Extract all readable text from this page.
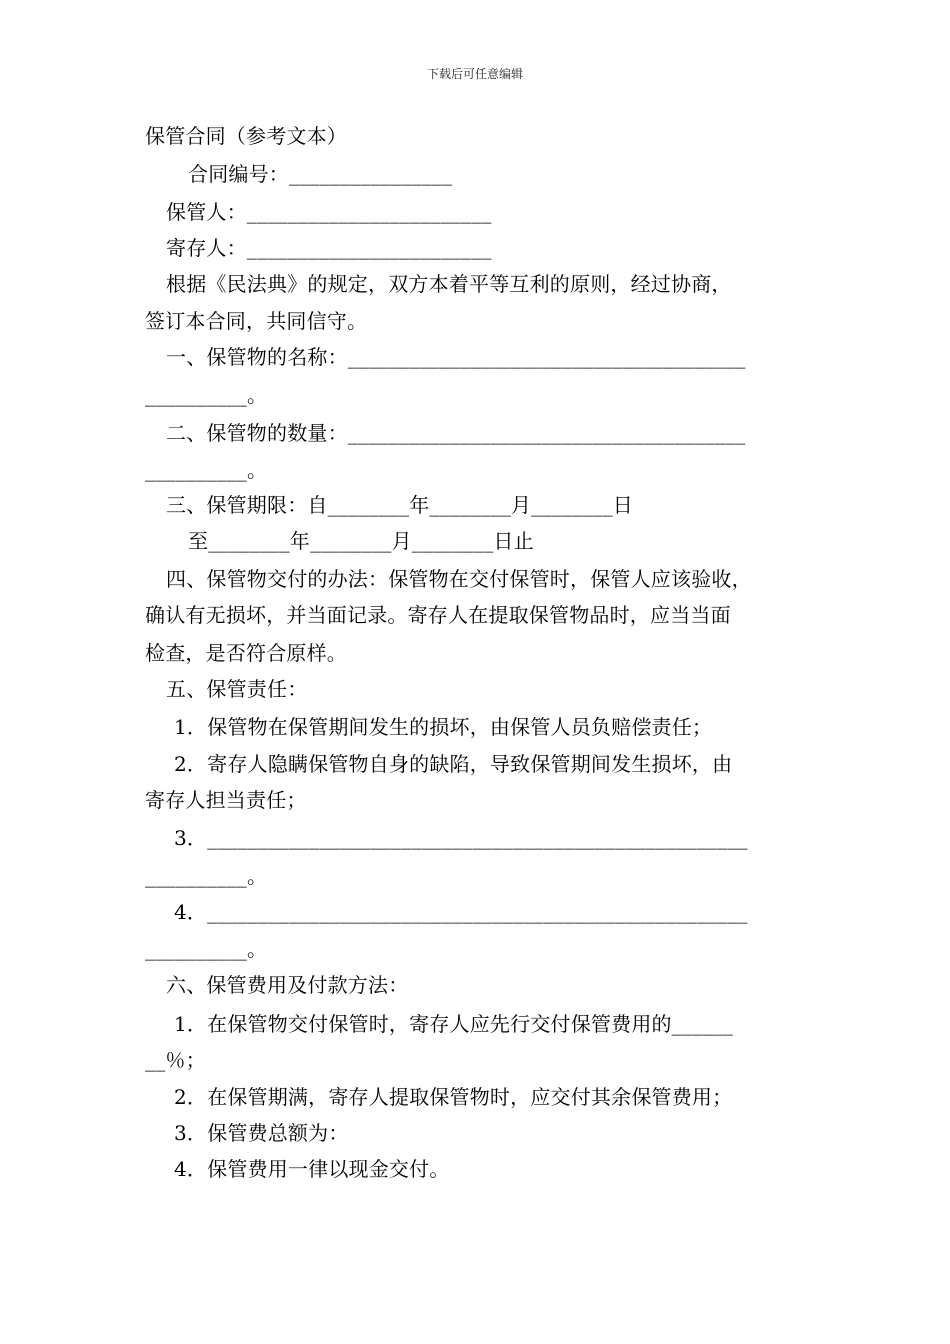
下载后可任意编辑
保管合同（参考文本）
合同编号：________________
保管人：________________________
寄存人：________________________
根据《民法典》的规定，双方本着平等互利的原则，经过协商，
签订本合同，共同信守。
一、保管物的名称：_______________________________________
__________。
二、保管物的数量：_______________________________________
__________。
三、保管期限：自________年________月________日
至________年________月________日止
四、保管物交付的办法：保管物在交付保管时，保管人应该验收，
确认有无损坏，并当面记录。寄存人在提取保管物品时，应当当面
检查，是否符合原样。
五、保管责任：
1．保管物在保管期间发生的损坏，由保管人员负赔偿责任；
2．寄存人隐瞒保管物自身的缺陷，导致保管期间发生损坏，由
寄存人担当责任；
3．_____________________________________________________
__________。
4．_____________________________________________________
__________。
六、保管费用及付款方法：
1．在保管物交付保管时，寄存人应先行交付保管费用的______
__％；
2．在保管期满，寄存人提取保管物时，应交付其余保管费用；
3．保管费总额为：
4．保管费用一律以现金交付。
